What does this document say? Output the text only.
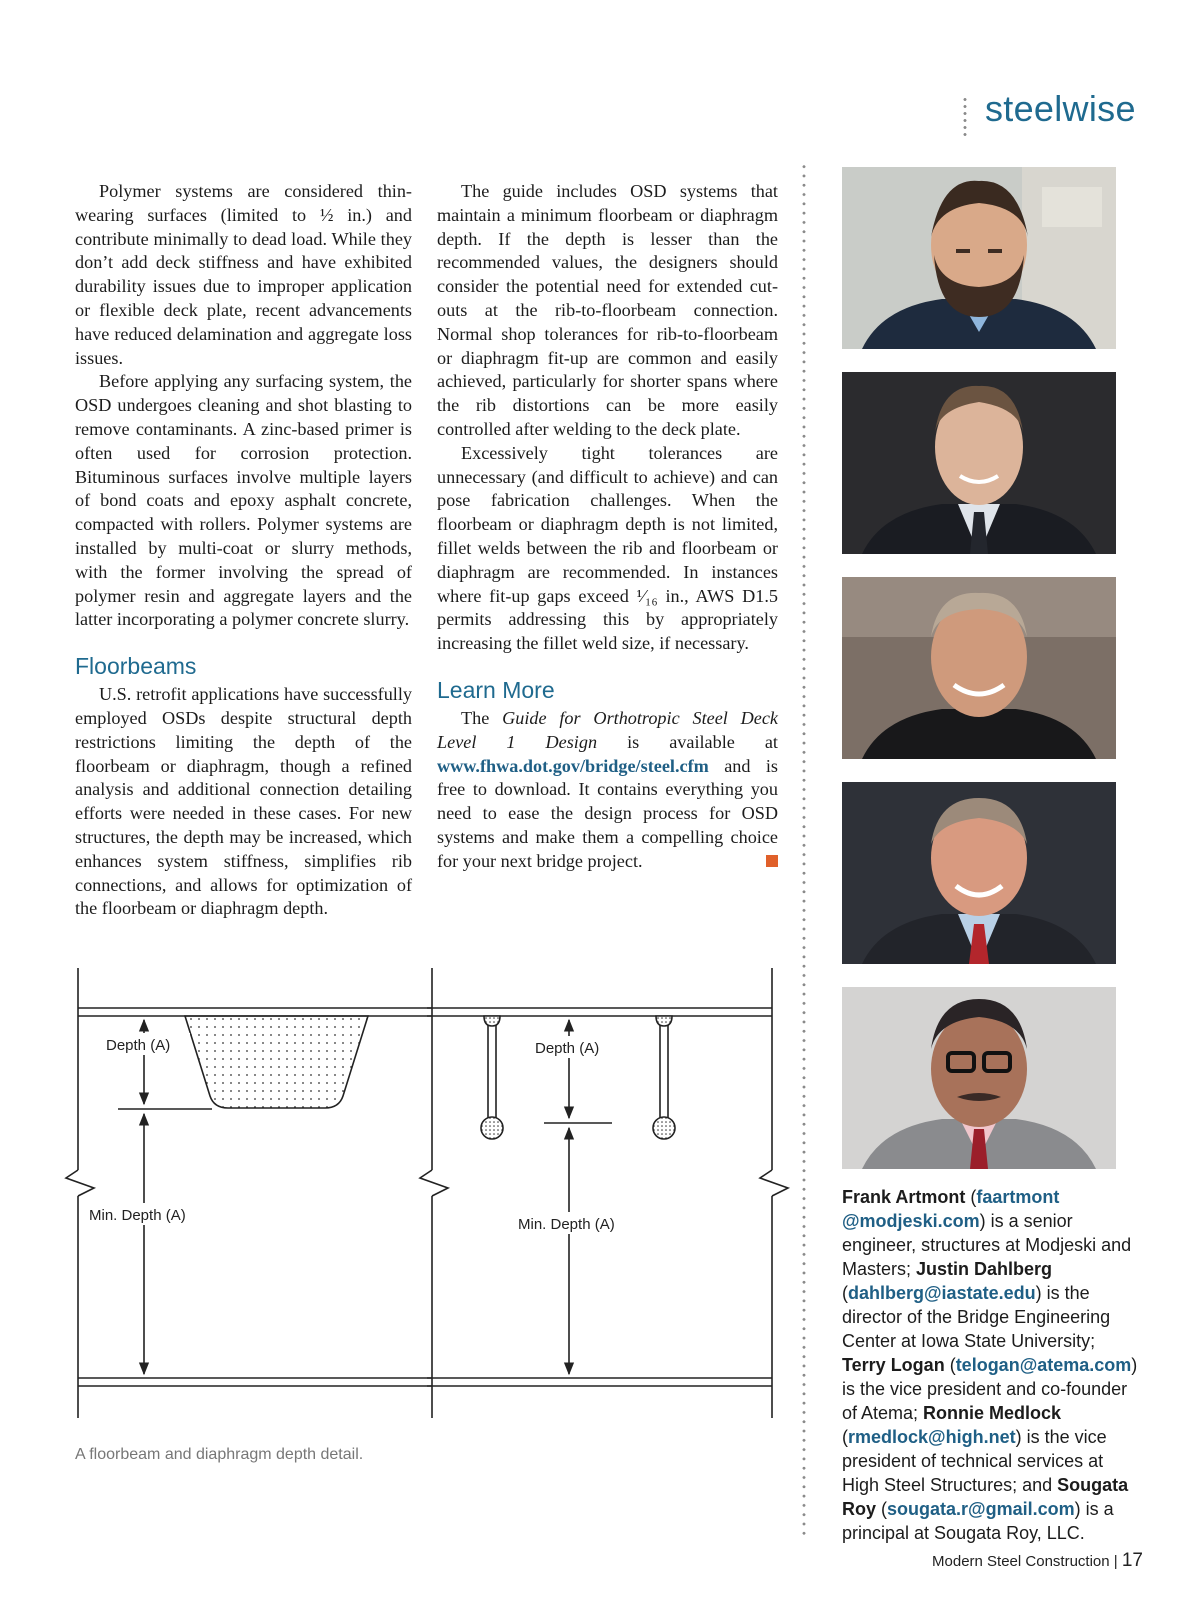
steelwise

Polymer systems are considered thin-wearing surfaces (limited to ½ in.) and contribute minimally to dead load. While they don’t add deck stiffness and have exhibited durability issues due to improper application or flexible deck plate, recent advancements have reduced delamination and aggregate loss issues.

Before applying any surfacing system, the OSD undergoes cleaning and shot blasting to remove contaminants. A zinc-based primer is often used for corrosion protection. Bituminous surfaces involve multiple layers of bond coats and epoxy asphalt concrete, compacted with rollers. Polymer systems are installed by multi-coat or slurry methods, with the former involving the spread of polymer resin and aggregate layers and the latter incorporating a polymer concrete slurry.

Floorbeams

U.S. retrofit applications have successfully employed OSDs despite structural depth restrictions limiting the depth of the floorbeam or diaphragm, though a refined analysis and additional connection detailing efforts were needed in these cases. For new structures, the depth may be increased, which enhances system stiffness, simplifies rib connections, and allows for optimization of the floorbeam or diaphragm depth.

The guide includes OSD systems that maintain a minimum floorbeam or diaphragm depth. If the depth is lesser than the recommended values, the designers should consider the potential need for extended cut-outs at the rib-to-floorbeam connection. Normal shop tolerances for rib-to-floorbeam or diaphragm fit-up are common and easily achieved, particularly for shorter spans where the rib distortions can be more easily controlled after welding to the deck plate.

Excessively tight tolerances are unnecessary (and difficult to achieve) and can pose fabrication challenges. When the floorbeam or diaphragm depth is not limited, fillet welds between the rib and floorbeam or diaphragm are recommended. In instances where fit-up gaps exceed ¹⁄₁₆ in., AWS D1.5 permits addressing this by appropriately increasing the fillet weld size, if necessary.

Learn More

The Guide for Orthotropic Steel Deck Level 1 Design is available at www.fhwa.dot.gov/bridge/steel.cfm and is free to download. It contains everything you need to ease the design process for OSD systems and make them a compelling choice for your next bridge project.

Frank Artmont (faartmont @modjeski.com) is a senior engineer, structures at Modjeski and Masters; Justin Dahlberg (dahlberg@iastate.edu) is the director of the Bridge Engineering Center at Iowa State University; Terry Logan (telogan@atema.com) is the vice president and co-founder of Atema; Ronnie Medlock (rmedlock@high.net) is the vice president of technical services at High Steel Structures; and Sougata Roy (sougata.r@gmail.com) is a principal at Sougata Roy, LLC.
Depth (A)
Min. Depth (A)
Depth (A)
Min. Depth (A)
A floorbeam and diaphragm depth detail.
Modern Steel Construction | 17
